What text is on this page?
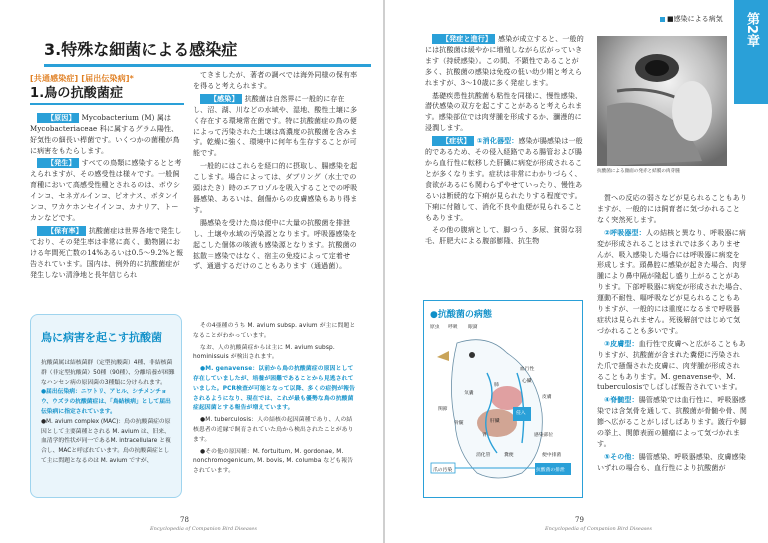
3.特殊な細菌による感染症
[共通感染症] [届出伝染病]*
1.鳥の抗酸菌症

【原因】 Mycobacterium (M) 属は Mycobacteriaceae 科に属するグラム陽性、好気性の細長い桿菌です。いくつかの菌種が鳥に病害をもたらします。

【発生】 すべての鳥類に感染するとと考えられますが、その感受性は様々です。一般飼育種において高感受性種とされるのは、ボウシインコ、セネガルインコ、ピオナス、ボタンインコ、ワカケホンセイインコ、カナリア、トーカンなどです。

【保有率】 抗酸菌症は世界各地で発生しており、その発生率は非常に高く、動物園における年間死亡数の14%あるいは0.5～9.2%と報告されています。国内は、例外的に抗酸菌症が発生しない清浄地と長年信じられ

てきましたが、著者の調べでは海外同様の保有率を得ると考えられます。

【感染】 抗酸菌は自然界に一般的に存在し、沼、湖、川などの水域や、湿地、酸性土壌に多く存在する環境常在菌です。特に抗酸菌症の鳥の便によって汚染された土壌は高濃度の抗酸菌を含みます。乾燥に強く、環境中に何年も生存することが可能です。

一般的にはこれらを経口的に摂取し、腸感染を起こします。場合によっては、ダブリング（水土での頭はたき）時のエアロゾルを吸入することでの呼吸器感染、あるいは、創傷からの皮膚感染もあり得ます。

腸感染を受けた鳥は便中に大量の抗酸菌を排泄し、土壌や水域の汚染源となります。呼吸器感染を起こした個体の咳液も感染源となります。抗酸菌の拡散＝感染ではなく、宿主の免疫によって定着せず、通過するだけのこともあります（通過菌）。

鳥に病害を起こす抗酸菌

抗酸菌属は結核菌群（定型抗酸菌）4種、非結核菌群（非定型抗酸菌）50種（90種）、分離培養が困難なハンセン病の原因菌の3種類に分けられます。

●届出伝染病：ニワトリ、アヒル、シチメンチョウ、ウズラの抗酸菌症は、「鳥結核病」として届出伝染病に指定されています。

●M. avium complex (MAC)：鳥の抗酸菌症の原因として主要菌種とされる M. avium は、旧来、血清学的性状が同一であるM. intracellulare と複合し、MACと呼ばれています。鳥の抗酸菌症として主に問題となるのは M. avium ですが、

その4亜種のうち M. avium subsp. avium が主に問題となることがわかっています。

なお、人の抗酸菌症からは主に M. avium subsp. hominissuis が検出されます。

●M. genavense：以前から鳥の抗酸菌症の原因として存在していましたが、培養が困難であることから見逃されていました。PCR検査が可能となって以降、多くの症例が報告されるようになり、現在では、これが最も優勢な鳥の抗酸菌症起因菌とする報告が増えています。

●M. tuberculosis：人の結核の起因菌種であり、人の結核患者の近縁で飼育されていた鳥から検出されたことがあります。

●その他の原因種：M. fortuitum, M. gordonae, M. nonchromogenicum, M. bovis, M. columba なども報告されています。

78
Encyclopedia of Companion Bird Diseases
■感染による病気	第2章

【発症と進行】 感染が成立すると、一般的には抗酸菌は緩やかに増殖しながら広がっていきます（持続感染）。この間、不顕性であることが多く、抗酸菌の感染は免疫の低い幼少期と考えられますが、3～10歳に多く発症します。

基礎疾患性抗酸菌も粘性を同様に、慢性感染、潜伏感染の双方を起こすことがあると考えられます。感染部位では肉芽腫を形成するか、瀰漫的に浸潤します。

【症状】 ①消化器型：感染が腸感染は一般的であるため、その侵入経路である腸管および腸から血行性に転移した肝臓に病変が形成されることが多くなります。症状は非常にわかりづらく、食欲があるにも関わらずやせていったり、慢性あるいは断続的な下痢が見られたりする程度です。下痢に付随して、消化不良や血便が見られることもあります。

その他の腹病として、脚つう、多尿、貧弱な羽毛、肝肥大による腹部膨隆、抗生物

抗酸菌による顔面の発赤と結膜の肉芽腫

質への反応の弱さなどが見られることもありますが、一般的には飼育者に気づかれることなく突然死します。

②呼吸器型：人の結核と異なり、呼吸器に病変が形成されることはまれでは多くありませんが、吸入感染した場合には呼吸器に病変を形成します。頭鼻腔に感染が起きた場合、肉芽腫により鼻中隔が隆起し盛り上がることがあります。下部呼吸器に病変が形成された場合、運動不耐性、嘔呼吸などが見られることもありますが、一般的には重度になるまで呼吸器症状は見られません。死後解剖ではじめて気づかれることも多いです。

③皮膚型：血行性で皮膚へと広がることもありますが、抗酸菌が含まれた糞便に汚染された爪で掻傷された皮膚に、肉芽腫が形成されることもあります。M. genavenseや、M. tuberculosisでしばしば報告されています。

④脊髄型：腸管感染では血行性に、呼吸器感染では含気骨を通して、抗酸菌が骨髄や骨、関節へ広がることがしばしばあります。跛行や脚の挙上、関節表面の腫瘤によって気づかれます。

⑤その他：腸管感染、呼吸器感染、皮膚感染いずれの場合も、血行性により抗酸菌が

●抗酸菌の病態
原虫 呼吸 眼窩
気嚢
肺
肝臓
骨髄
侵入
血行性
消化管
関節
皮膚
糞便	便中排菌
抗酸菌の排泄
爪の汚染
感染部位
心臓
胃
79
Encyclopedia of Companion Bird Diseases
